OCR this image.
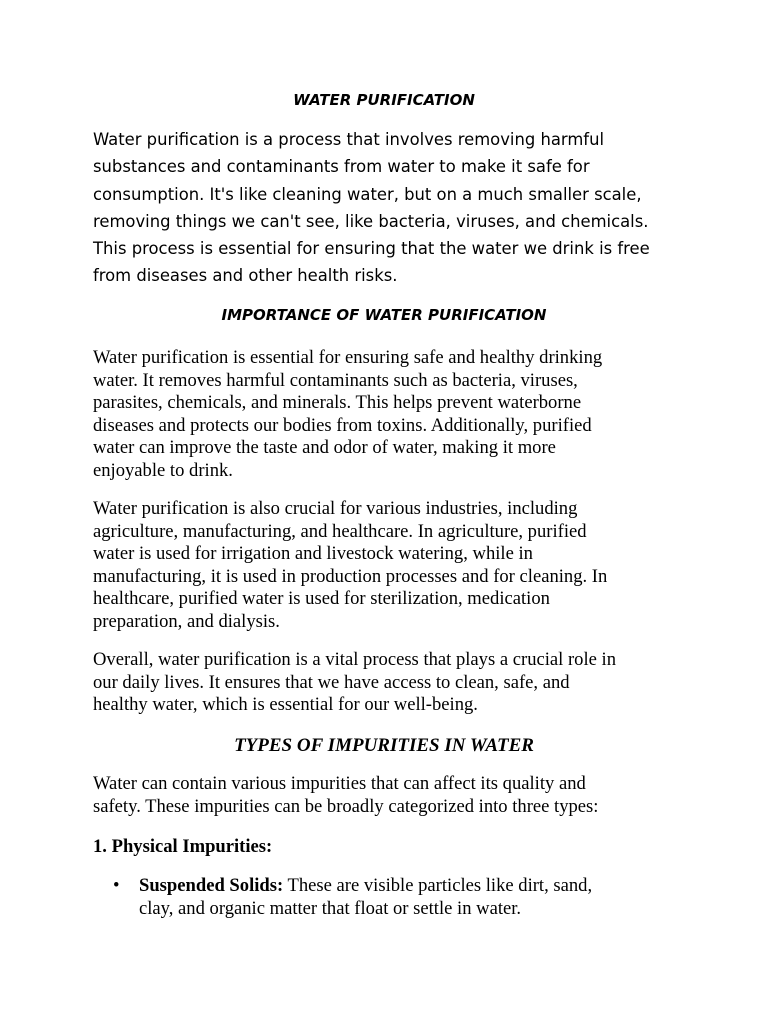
WATER PURIFICATION

Water purification is a process that involves removing harmful
substances and contaminants from water to make it safe for
consumption. It's like cleaning water, but on a much smaller scale,
removing things we can't see, like bacteria, viruses, and chemicals.
This process is essential for ensuring that the water we drink is free
from diseases and other health risks.

IMPORTANCE OF WATER PURIFICATION

Water purification is essential for ensuring safe and healthy drinking
water. It removes harmful contaminants such as bacteria, viruses,
parasites, chemicals, and minerals. This helps prevent waterborne
diseases and protects our bodies from toxins. Additionally, purified
water can improve the taste and odor of water, making it more
enjoyable to drink.

Water purification is also crucial for various industries, including
agriculture, manufacturing, and healthcare. In agriculture, purified
water is used for irrigation and livestock watering, while in
manufacturing, it is used in production processes and for cleaning. In
healthcare, purified water is used for sterilization, medication
preparation, and dialysis.

Overall, water purification is a vital process that plays a crucial role in
our daily lives. It ensures that we have access to clean, safe, and
healthy water, which is essential for our well-being.

TYPES OF IMPURITIES IN WATER

Water can contain various impurities that can affect its quality and
safety. These impurities can be broadly categorized into three types:

1. Physical Impurities:
• Suspended Solids: These are visible particles like dirt, sand,
clay, and organic matter that float or settle in water.
